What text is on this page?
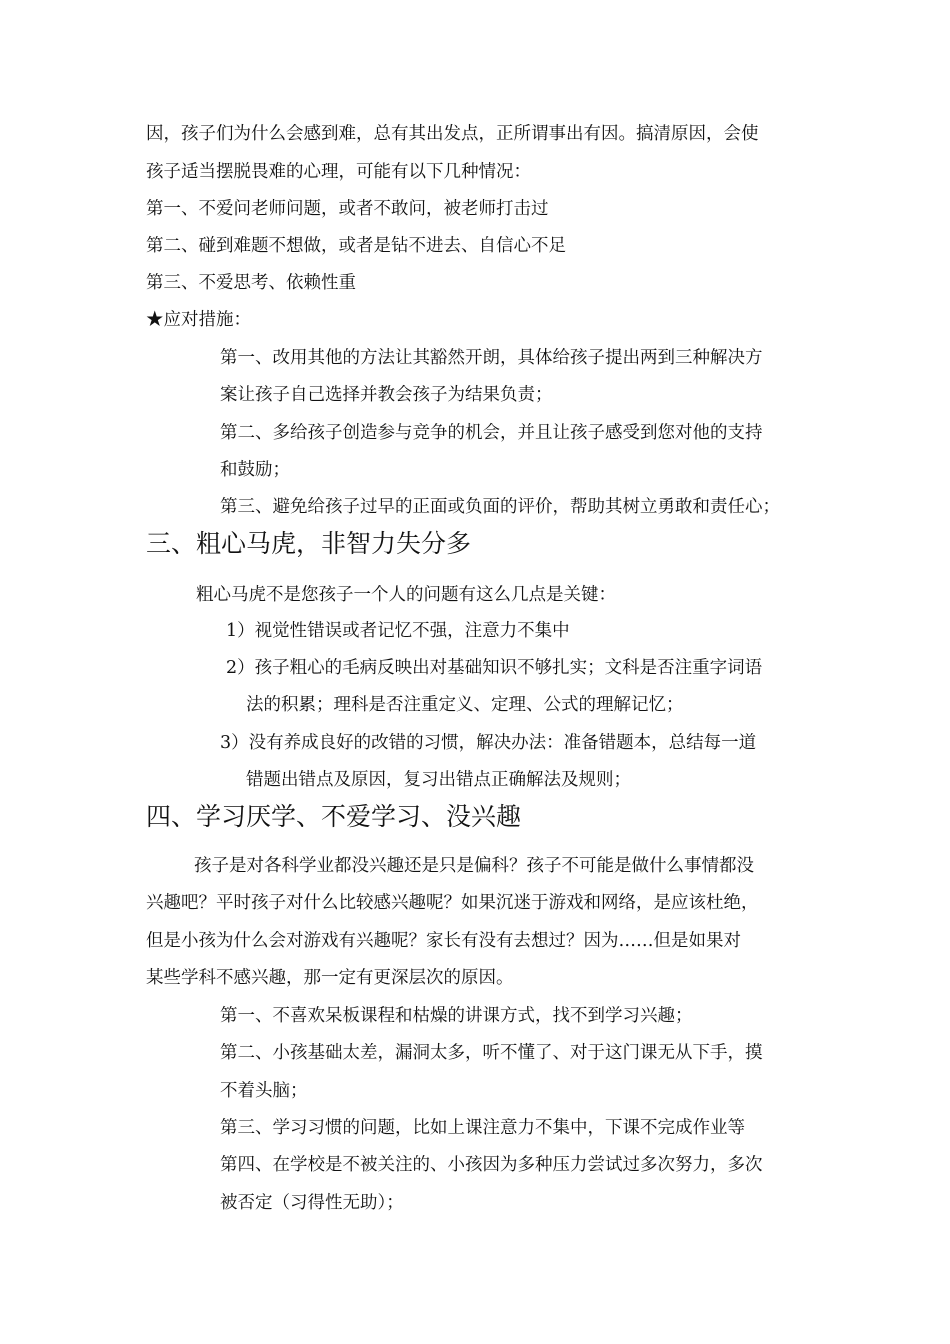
因，孩子们为什么会感到难，总有其出发点，正所谓事出有因。搞清原因，会使
孩子适当摆脱畏难的心理，可能有以下几种情况：
第一、不爱问老师问题，或者不敢问，被老师打击过
第二、碰到难题不想做，或者是钻不进去、自信心不足
第三、不爱思考、依赖性重
★应对措施：
第一、改用其他的方法让其豁然开朗，具体给孩子提出两到三种解决方
案让孩子自己选择并教会孩子为结果负责；
第二、多给孩子创造参与竞争的机会，并且让孩子感受到您对他的支持
和鼓励；
第三、避免给孩子过早的正面或负面的评价，帮助其树立勇敢和责任心；
三、粗心马虎，非智力失分多
粗心马虎不是您孩子一个人的问题有这么几点是关键：
1）视觉性错误或者记忆不强，注意力不集中
2）孩子粗心的毛病反映出对基础知识不够扎实；文科是否注重字词语
法的积累；理科是否注重定义、定理、公式的理解记忆；
3）没有养成良好的改错的习惯，解决办法：准备错题本，总结每一道
错题出错点及原因，复习出错点正确解法及规则；
四、学习厌学、不爱学习、没兴趣
孩子是对各科学业都没兴趣还是只是偏科？孩子不可能是做什么事情都没
兴趣吧？平时孩子对什么比较感兴趣呢？如果沉迷于游戏和网络，是应该杜绝，
但是小孩为什么会对游戏有兴趣呢？家长有没有去想过？因为……但是如果对
某些学科不感兴趣，那一定有更深层次的原因。
第一、不喜欢呆板课程和枯燥的讲课方式，找不到学习兴趣；
第二、小孩基础太差，漏洞太多，听不懂了、对于这门课无从下手，摸
不着头脑；
第三、学习习惯的问题，比如上课注意力不集中，下课不完成作业等
第四、在学校是不被关注的、小孩因为多种压力尝试过多次努力，多次
被否定（习得性无助）；
